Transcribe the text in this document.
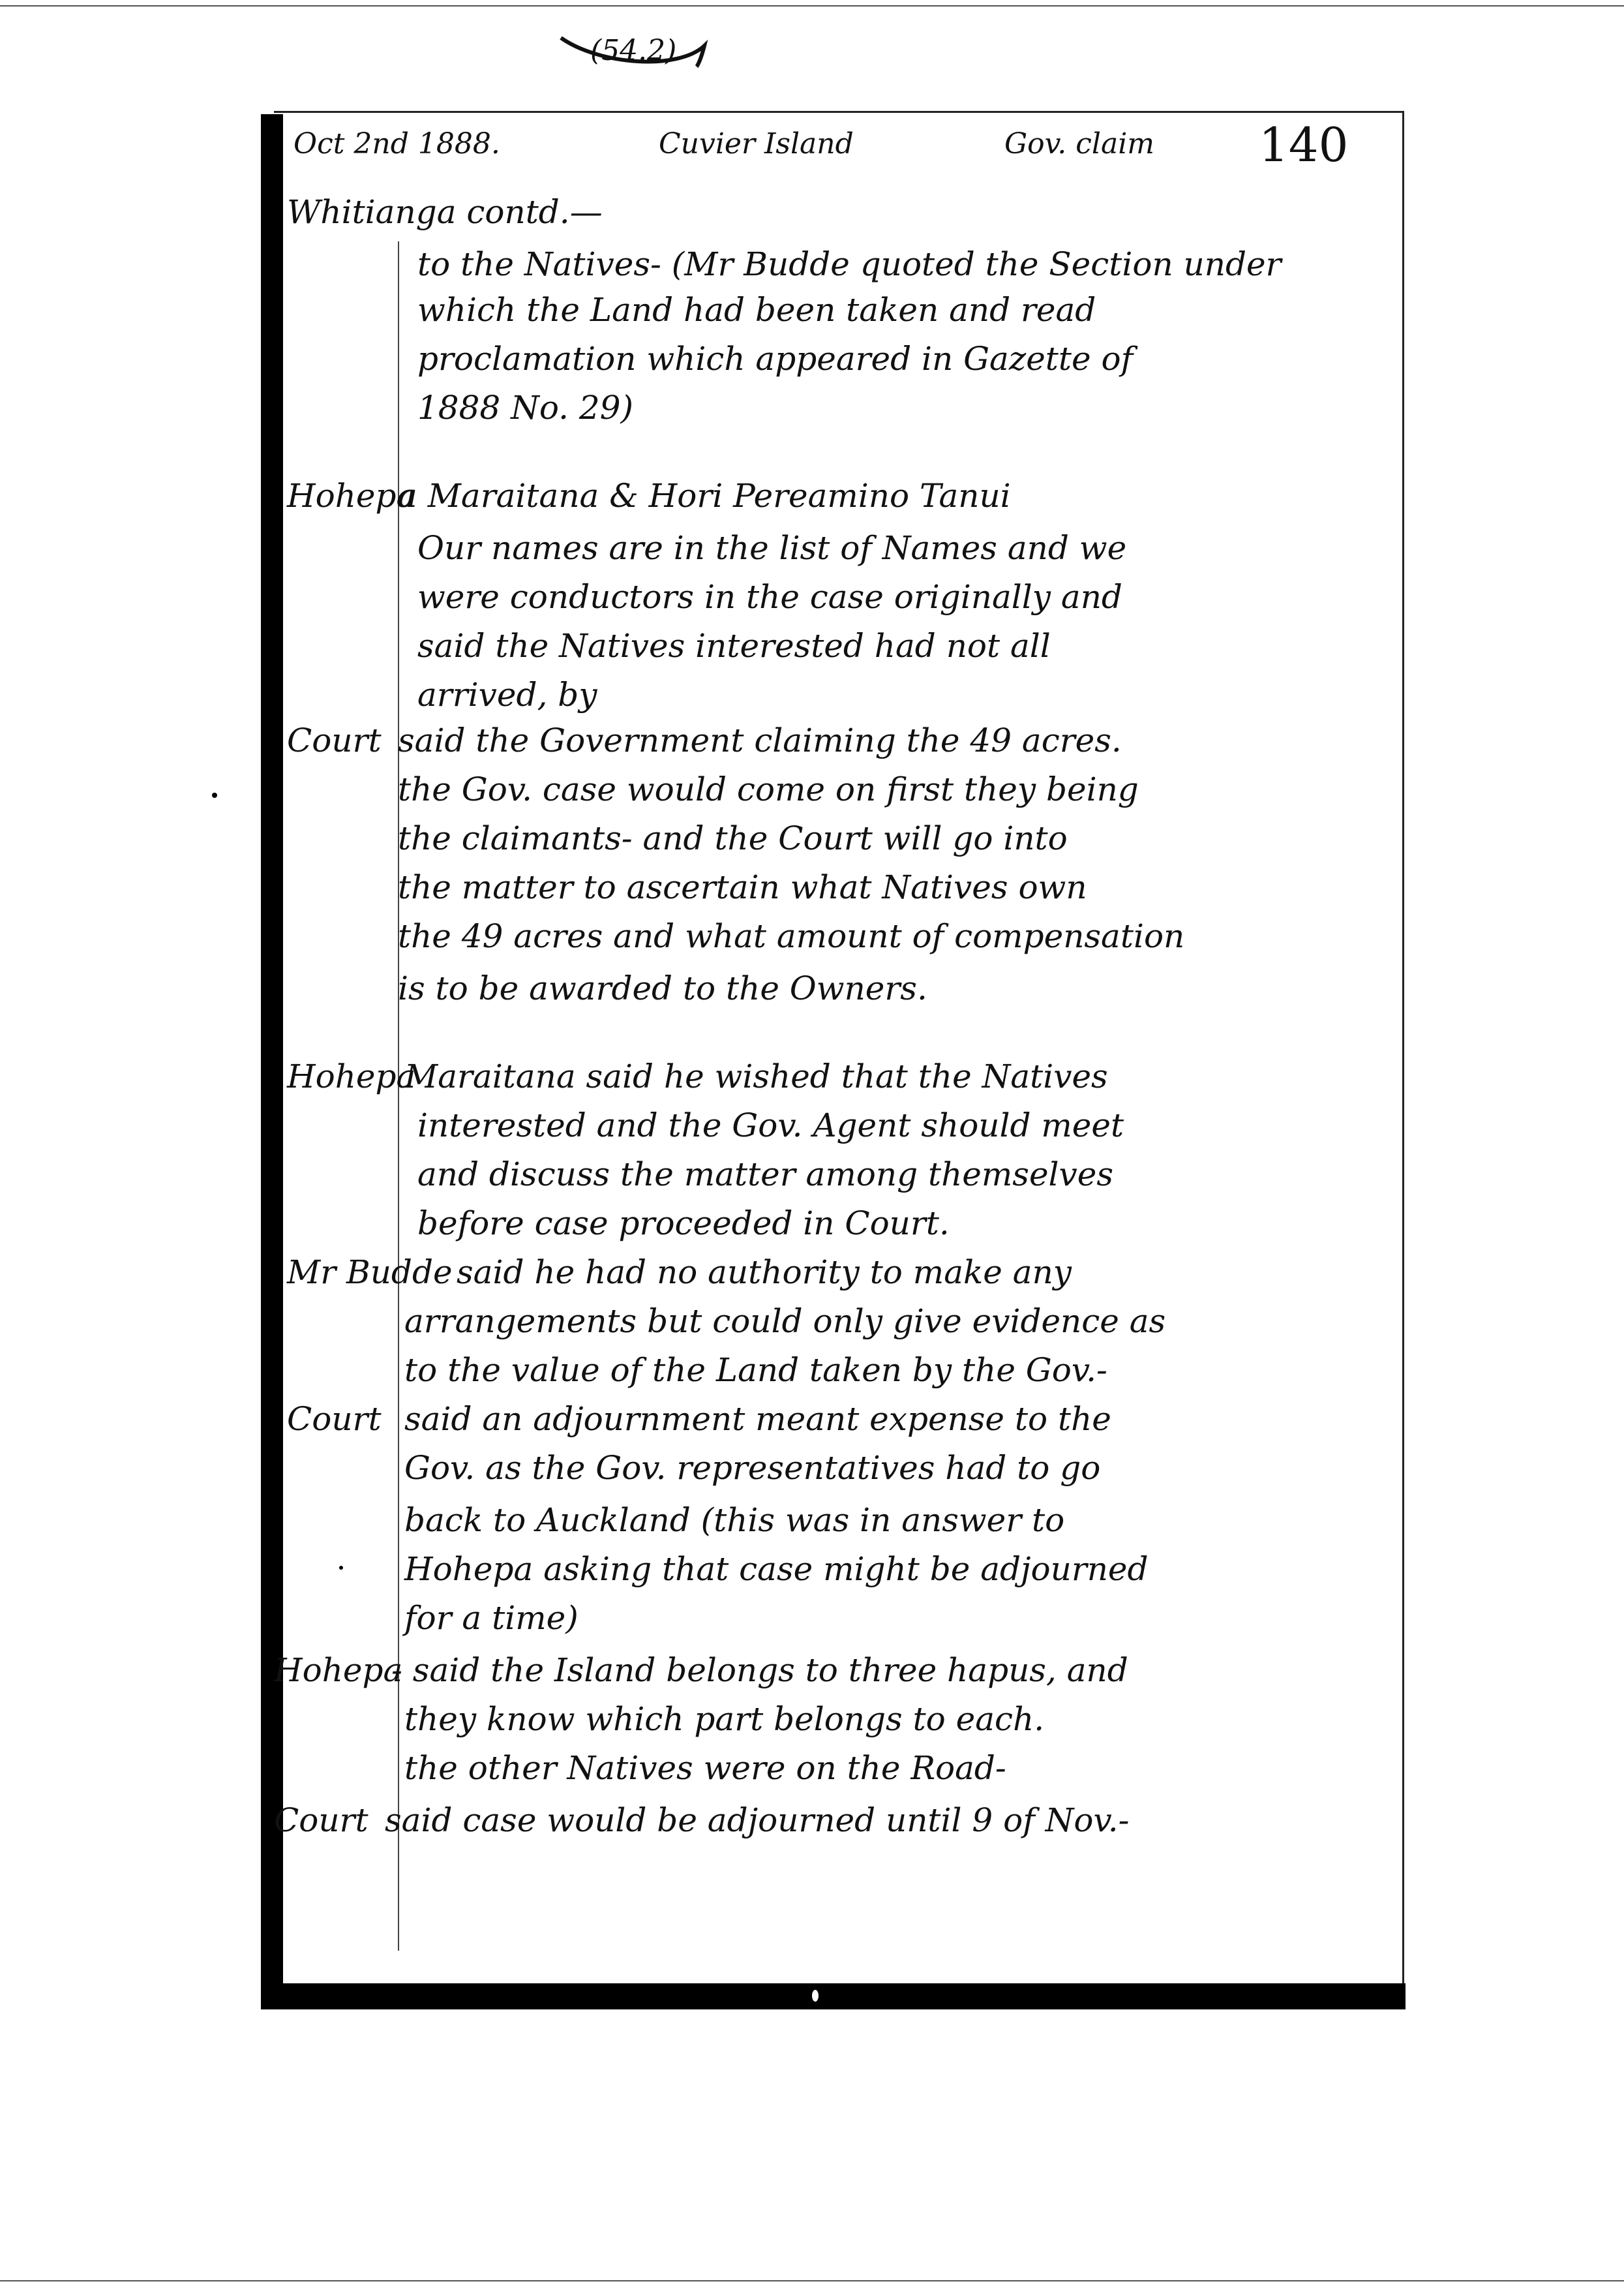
(54.2)
Oct 2nd 1888.	Cuvier Island	Gov. claim 140
Whitianga contd.—
to the Natives- (Mr Budde quoted the Section under
which the Land had been taken and read
proclamation which appeared in Gazette of
1888 No. 29)
Hohepa
a Maraitana & Hori Pereamino Tanui
Our names are in the list of Names and we
were conductors in the case originally and
said the Natives interested had not all
arrived, by
Court said the Government claiming the 49 acres.
the Gov. case would come on first they being
the claimants- and the Court will go into
the matter to ascertain what Natives own
the 49 acres and what amount of compensation
is to be awarded to the Owners.
Hohepa
Maraitana said he wished that the Natives
interested and the Gov. Agent should meet
and discuss the matter among themselves
before case proceeded in Court.
Mr Budde said he had no authority to make any
arrangements but could only give evidence as
to the value of the Land taken by the Gov.-
Court said an adjournment meant expense to the
Gov. as the Gov. representatives had to go
back to Auckland (this was in answer to
Hohepa asking that case might be adjourned
for a time)
Hohepa
- said the Island belongs to three hapus, and
they know which part belongs to each.
the other Natives were on the Road-
Court said case would be adjourned until 9 of Nov.-
